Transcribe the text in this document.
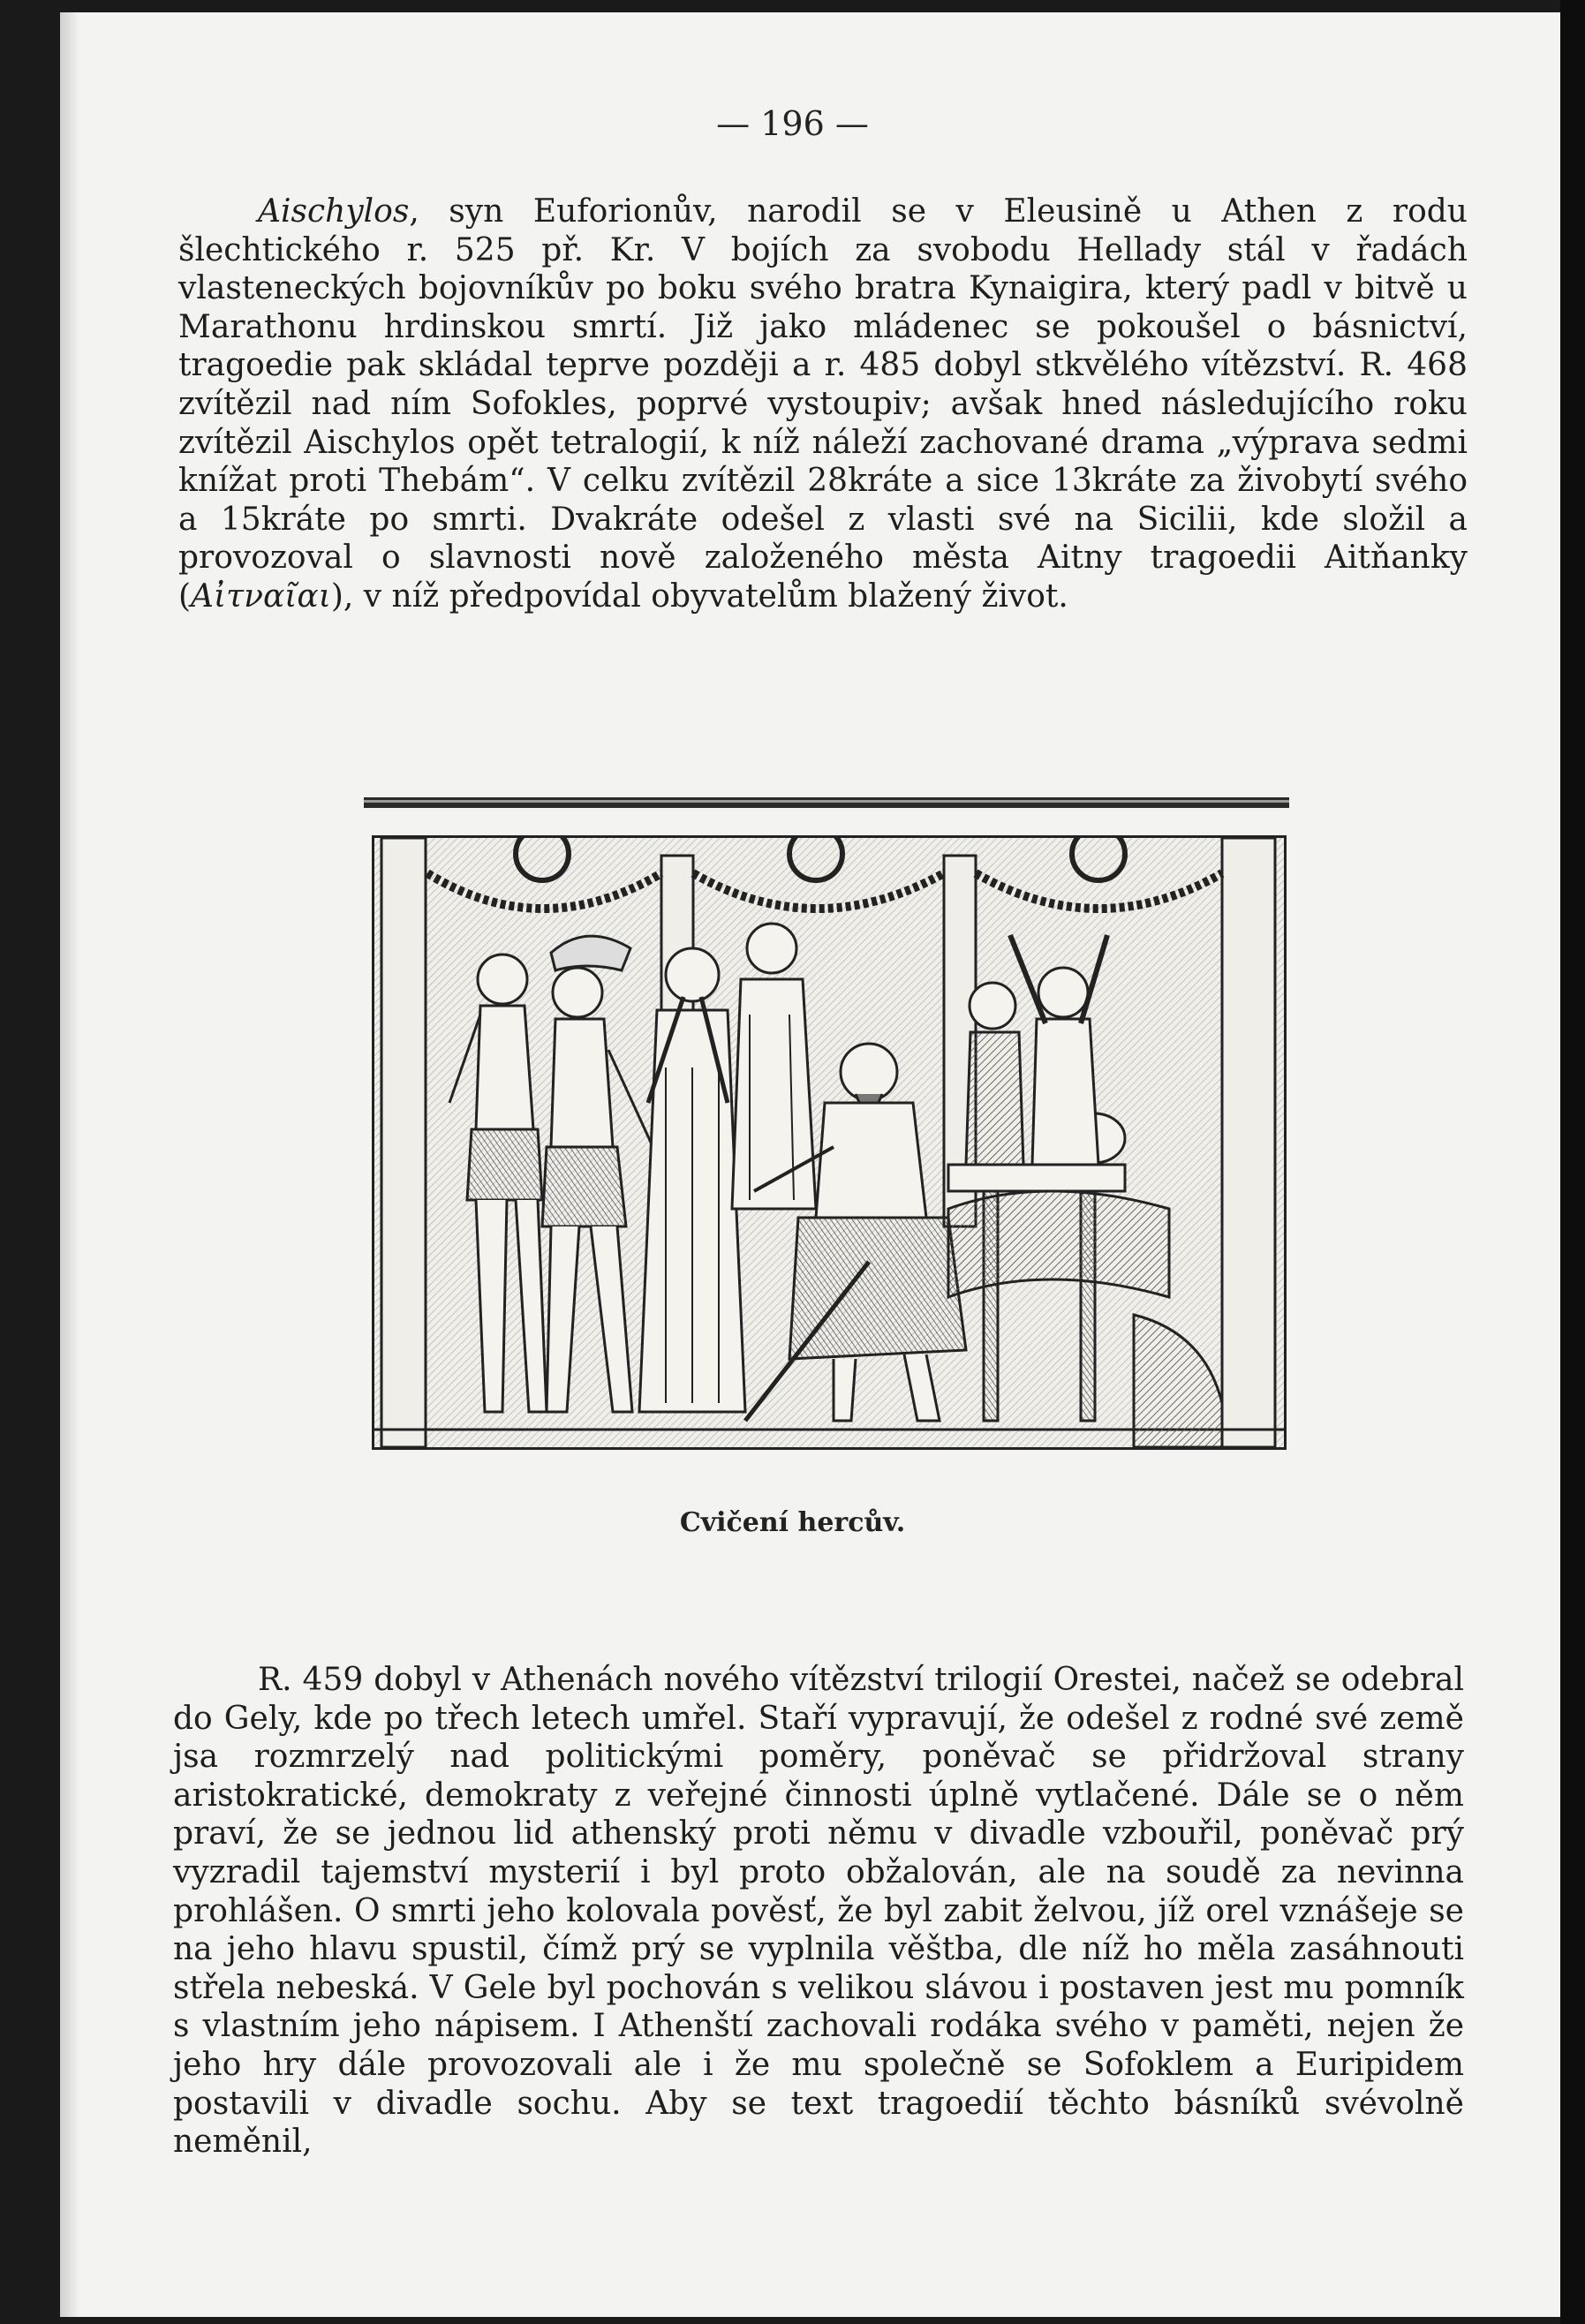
— 196 —

Aischylos, syn Euforionův, narodil se v Eleusině u Athen z rodu šlechtického r. 525 př. Kr. V bojích za svobodu Hellady stál v řadách vlasteneckých bojovníkův po boku svého bratra Kynaigira, který padl v bitvě u Marathonu hrdinskou smrtí. Již jako mládenec se pokoušel o básnictví, tragoedie pak skládal teprve později a r. 485 dobyl stkvělého vítězství. R. 468 zvítězil nad ním Sofokles, poprvé vystoupiv; avšak hned následujícího roku zvítězil Aischylos opět tetralogií, k níž náleží zachované drama „výprava sedmi knížat proti Thebám“. V celku zvítězil 28kráte a sice 13kráte za živobytí svého a 15kráte po smrti. Dvakráte odešel z vlasti své na Sicilii, kde složil a provozoval o slavnosti nově založeného města Aitny tragoedii Aitňanky (Αἰτναῖαι), v níž předpovídal obyvatelům blažený život.

Cvičení hercův.

R. 459 dobyl v Athenách nového vítězství trilogií Orestei, načež se odebral do Gely, kde po třech letech umřel. Staří vypravují, že odešel z rodné své země jsa rozmrzelý nad politickými poměry, poněvač se přidržoval strany aristokratické, demokraty z veřejné činnosti úplně vytlačené. Dále se o něm praví, že se jednou lid athenský proti němu v divadle vzbouřil, poněvač prý vyzradil tajemství mysterií i byl proto obžalován, ale na soudě za nevinna prohlášen. O smrti jeho kolovala pověsť, že byl zabit želvou, jíž orel vznášeje se na jeho hlavu spustil, čímž prý se vyplnila věštba, dle níž ho měla zasáhnouti střela nebeská. V Gele byl pochován s velikou slávou i postaven jest mu pomník s vlastním jeho nápisem. I Athenští zachovali rodáka svého v paměti, nejen že jeho hry dále provozovali ale i že mu společně se Sofoklem a Euripidem postavili v divadle sochu. Aby se text tragoedií těchto básníků svévolně neměnil,
